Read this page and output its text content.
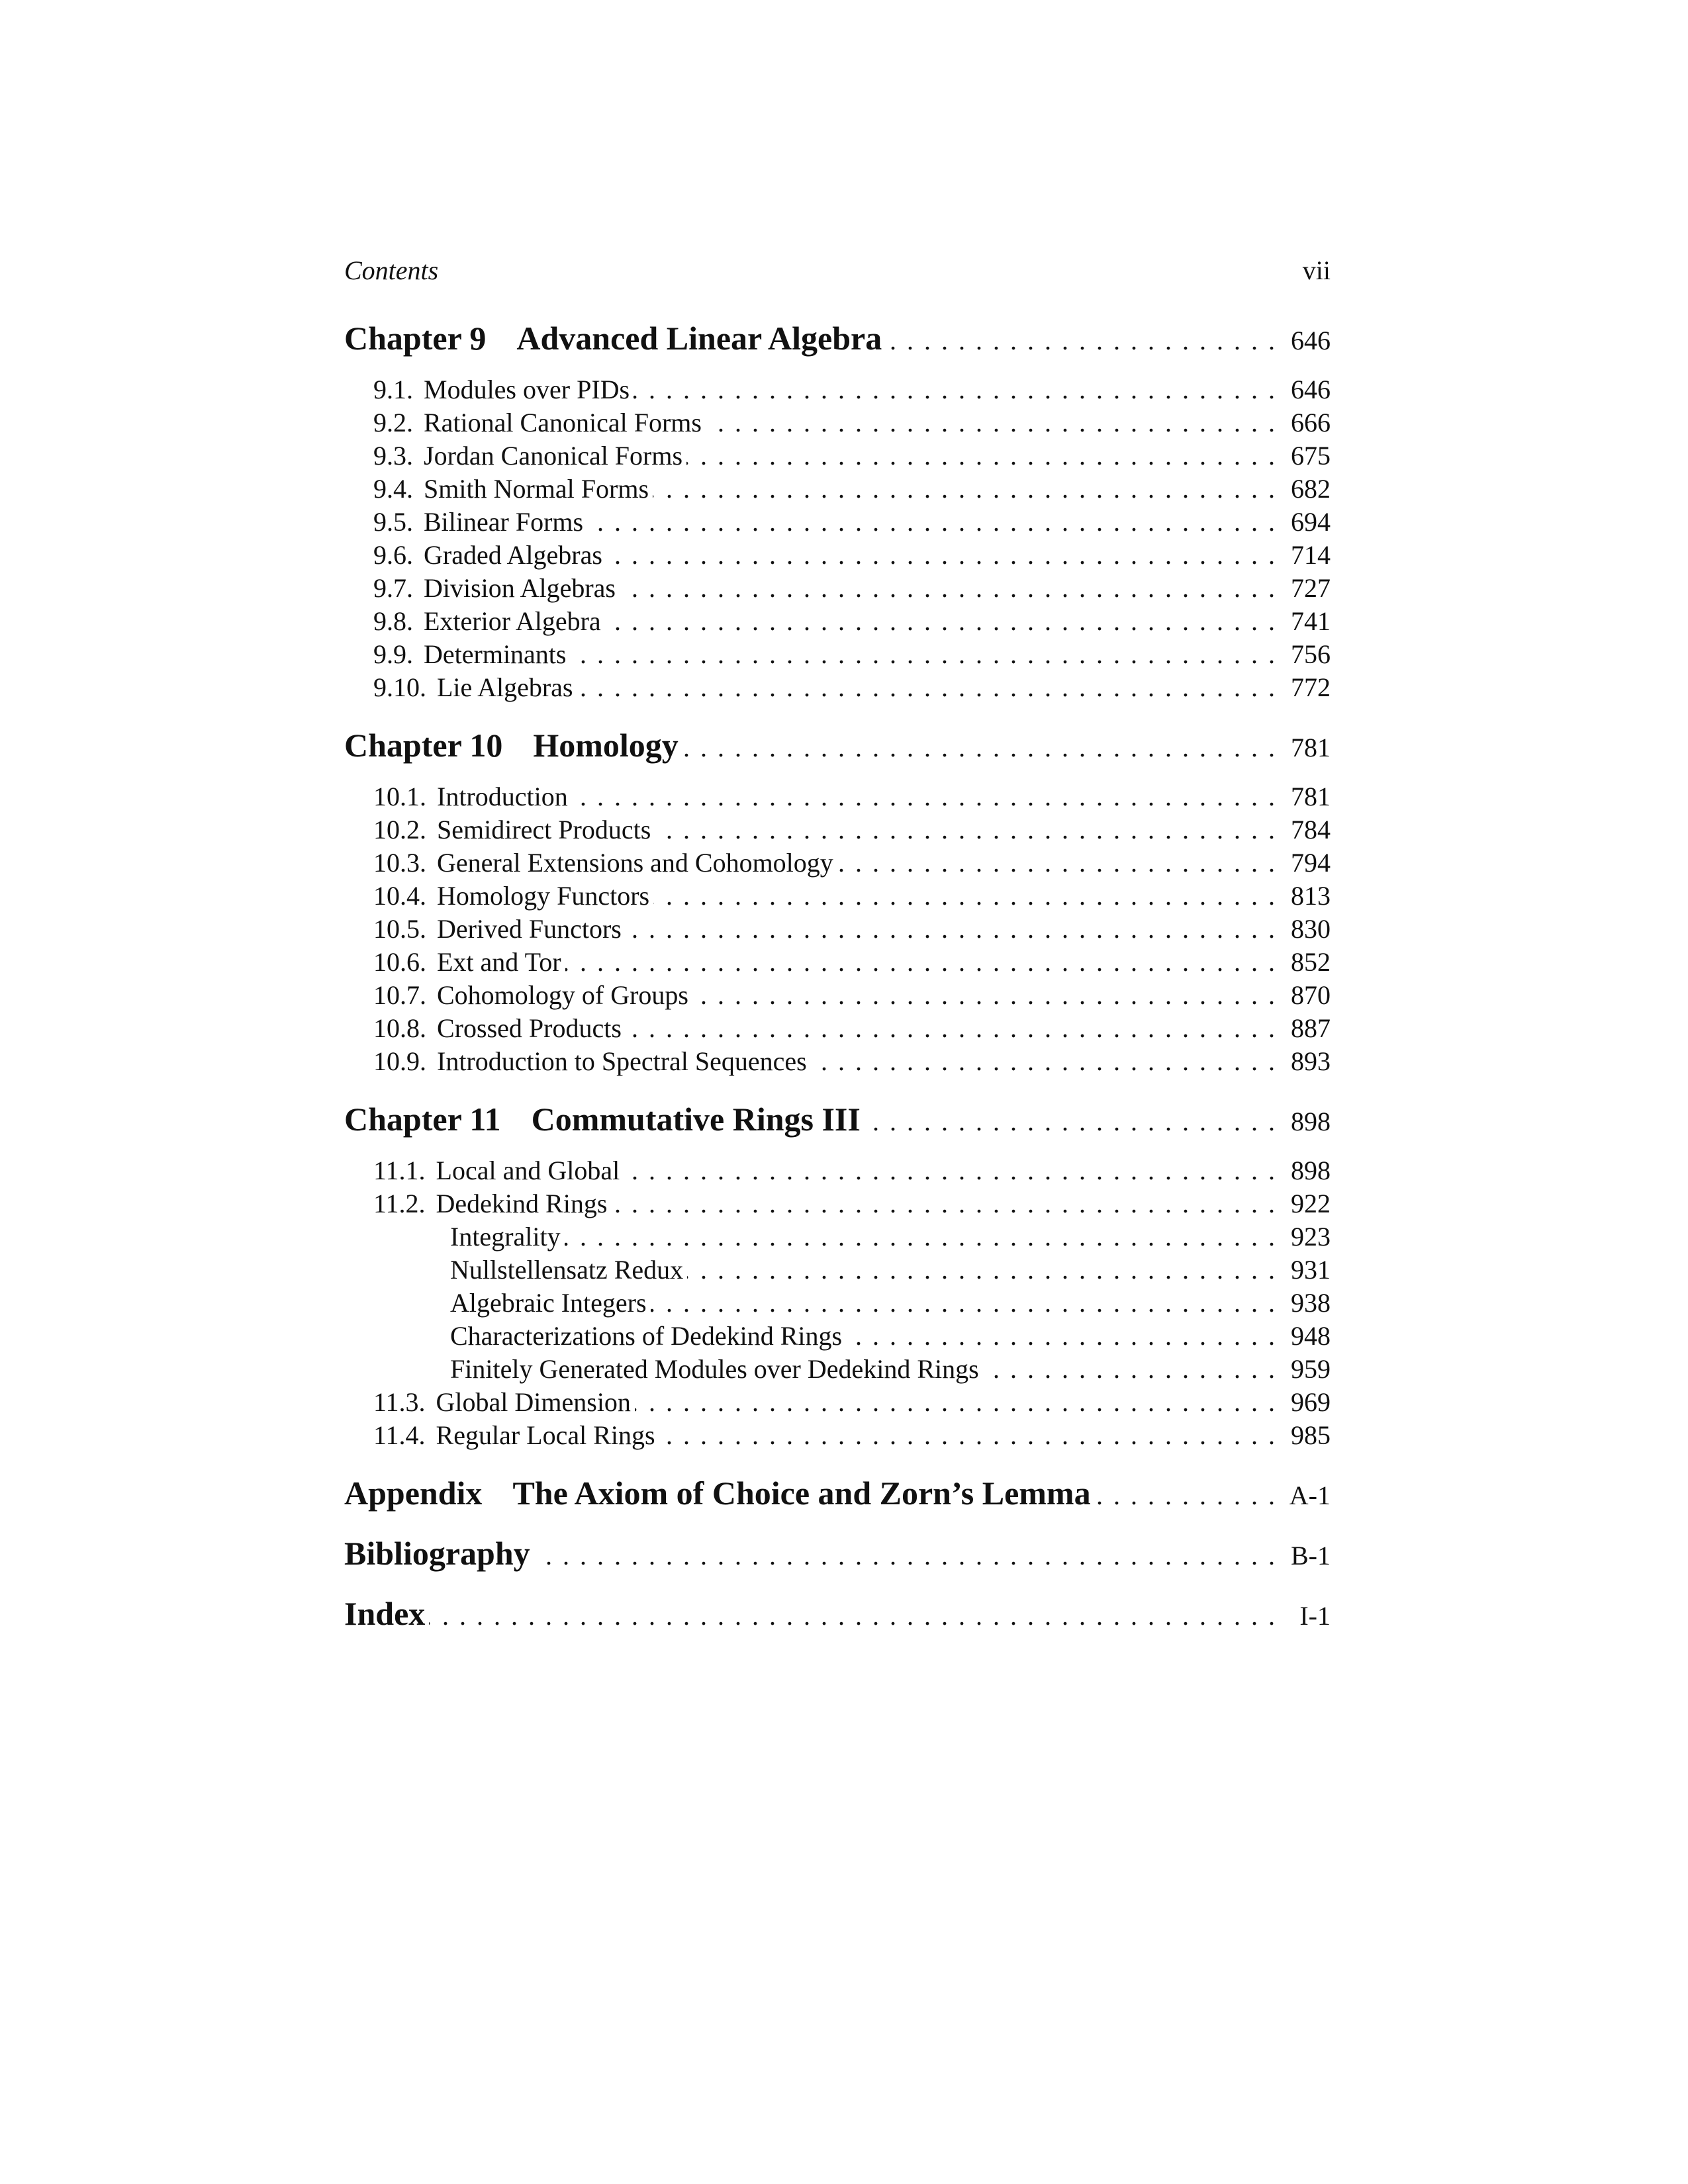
Contents	vii
Chapter 9 Advanced Linear Algebra . . .	646
9.1. Modules over PIDs . . .	646
9.2. Rational Canonical Forms . . .	666
9.3. Jordan Canonical Forms . . .	675
9.4. Smith Normal Forms . . .	682
9.5. Bilinear Forms . . .	694
9.6. Graded Algebras . . .	714
9.7. Division Algebras . . .	727
9.8. Exterior Algebra . . .	741
9.9. Determinants . . .	756
9.10. Lie Algebras . . .	772
Chapter 10 Homology . . .	781
10.1. Introduction . . .	781
10.2. Semidirect Products . . .	784
10.3. General Extensions and Cohomology . . .	794
10.4. Homology Functors . . .	813
10.5. Derived Functors . . .	830
10.6. Ext and Tor . . .	852
10.7. Cohomology of Groups . . .	870
10.8. Crossed Products . . .	887
10.9. Introduction to Spectral Sequences . . .	893
Chapter 11 Commutative Rings III . . .	898
11.1. Local and Global . . .	898
11.2. Dedekind Rings . . .	922
Integrality . . .	923
Nullstellensatz Redux . . .	931
Algebraic Integers . . .	938
Characterizations of Dedekind Rings . . .	948
Finitely Generated Modules over Dedekind Rings . . .	959
11.3. Global Dimension . . .	969
11.4. Regular Local Rings . . .	985
Appendix The Axiom of Choice and Zorn’s Lemma . . .	A-1
Bibliography . . .	B-1
Index . . .	I-1
